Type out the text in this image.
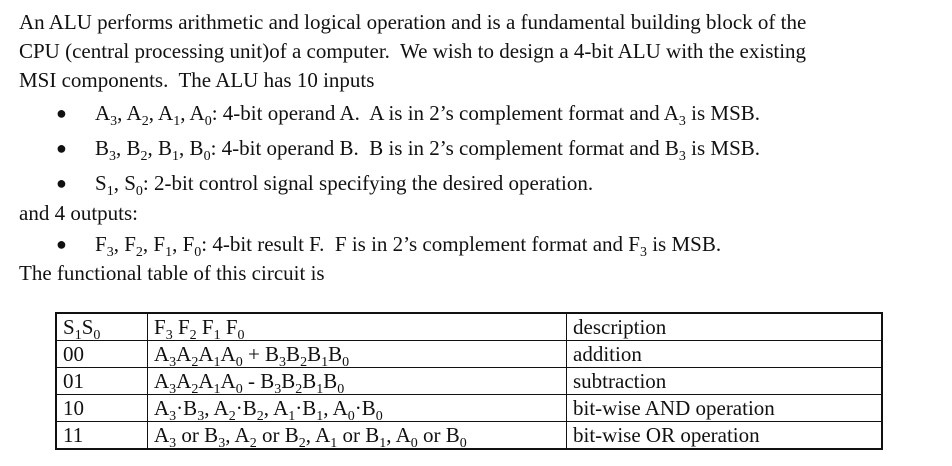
An ALU performs arithmetic and logical operation and is a fundamental building block of the
CPU (central processing unit)of a computer.  We wish to design a 4-bit ALU with the existing
MSI components.  The ALU has 10 inputs
● $A_3$, $A_2$, $A_1$, $A_0$: 4-bit operand A.  A is in 2’s complement format and $A_3$ is MSB.
● $B_3$, $B_2$, $B_1$, $B_0$: 4-bit operand B.  B is in 2’s complement format and $B_3$ is MSB.
● $S_1$, $S_0$: 2-bit control signal specifying the desired operation.
and 4 outputs:
● $F_3$, $F_2$, $F_1$, $F_0$: 4-bit result F.  F is in 2’s complement format and $F_3$ is MSB.
The functional table of this circuit is
$S_1S_0$	$F_3$ $F_2$ $F_1$ $F_0$	description
00	$A_3A_2A_1A_0 + B_3B_2B_1B_0$	addition
01	$A_3A_2A_1A_0 - B_3B_2B_1B_0$	subtraction
10	$A_3\cdot B_3$, $A_2\cdot B_2$, $A_1\cdot B_1$, $A_0\cdot B_0$	bit-wise AND operation
11	$A_3$ or $B_3$, $A_2$ or $B_2$, $A_1$ or $B_1$, $A_0$ or $B_0$	bit-wise OR operation
